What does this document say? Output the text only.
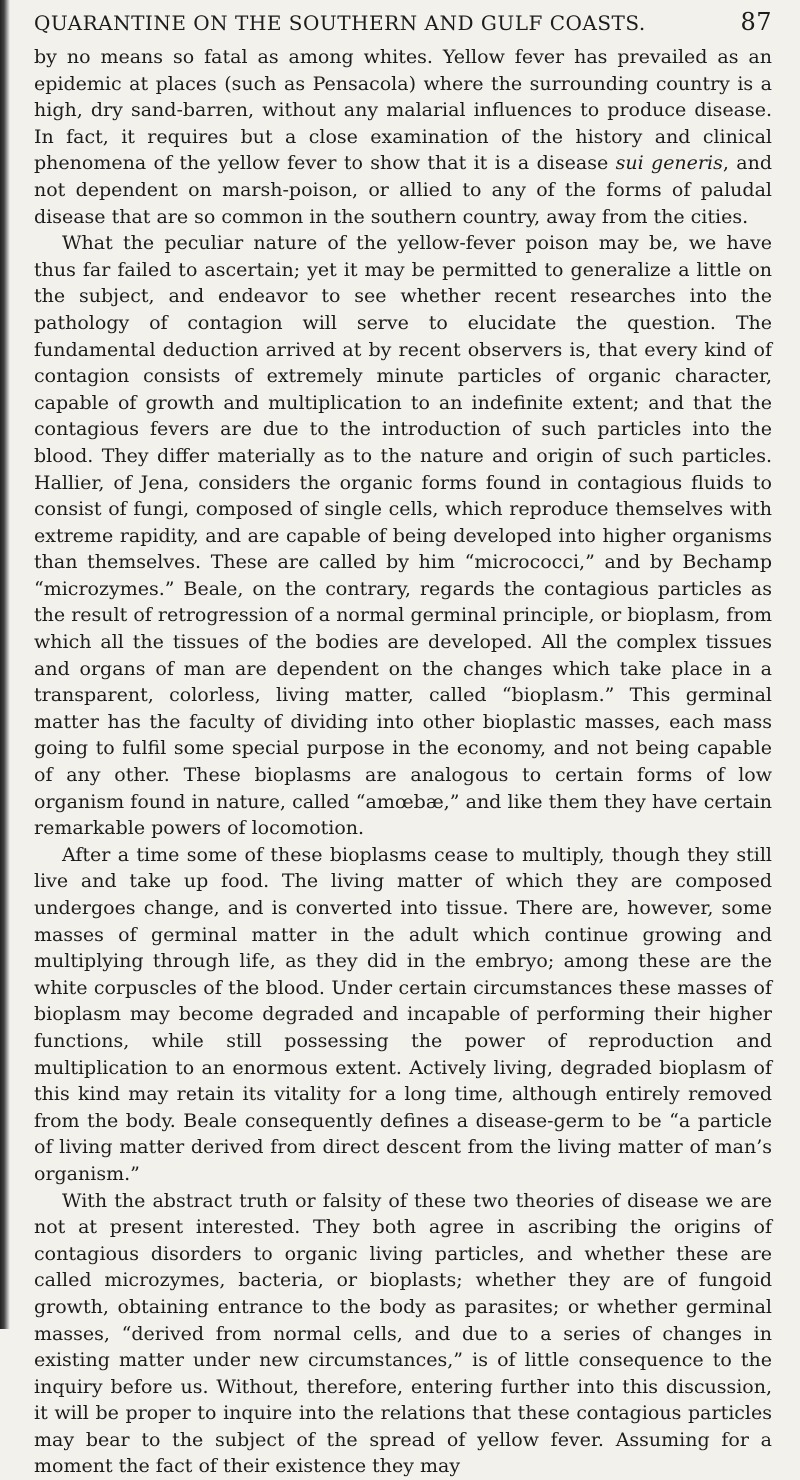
QUARANTINE ON THE SOUTHERN AND GULF COASTS.	87

by no means so fatal as among whites. Yellow fever has prevailed as an epidemic at places (such as Pensacola) where the surrounding country is a high, dry sand-barren, without any malarial influences to produce disease. In fact, it requires but a close examination of the history and clinical phenomena of the yellow fever to show that it is a disease sui generis, and not dependent on marsh-poison, or allied to any of the forms of paludal disease that are so common in the southern country, away from the cities.

What the peculiar nature of the yellow-fever poison may be, we have thus far failed to ascertain; yet it may be permitted to generalize a little on the subject, and endeavor to see whether recent researches into the pathology of contagion will serve to elucidate the question. The fundamental deduction arrived at by recent observers is, that every kind of contagion consists of extremely minute particles of organic character, capable of growth and multiplication to an indefinite extent; and that the contagious fevers are due to the introduction of such particles into the blood. They differ materially as to the nature and origin of such particles. Hallier, of Jena, considers the organic forms found in contagious fluids to consist of fungi, composed of single cells, which reproduce themselves with extreme rapidity, and are capable of being developed into higher organisms than themselves. These are called by him “micrococci,” and by Bechamp “microzymes.” Beale, on the contrary, regards the contagious particles as the result of retrogression of a normal germinal principle, or bioplasm, from which all the tissues of the bodies are developed. All the complex tissues and organs of man are dependent on the changes which take place in a transparent, colorless, living matter, called “bioplasm.” This germinal matter has the faculty of dividing into other bioplastic masses, each mass going to fulfil some special purpose in the economy, and not being capable of any other. These bioplasms are analogous to certain forms of low organism found in nature, called “amœbæ,” and like them they have certain remarkable powers of locomotion.

After a time some of these bioplasms cease to multiply, though they still live and take up food. The living matter of which they are composed undergoes change, and is converted into tissue. There are, however, some masses of germinal matter in the adult which continue growing and multiplying through life, as they did in the embryo; among these are the white corpuscles of the blood. Under certain circumstances these masses of bioplasm may become degraded and incapable of performing their higher functions, while still possessing the power of reproduction and multiplication to an enormous extent. Actively living, degraded bioplasm of this kind may retain its vitality for a long time, although entirely removed from the body. Beale consequently defines a disease-germ to be “a particle of living matter derived from direct descent from the living matter of man’s organism.”

With the abstract truth or falsity of these two theories of disease we are not at present interested. They both agree in ascribing the origins of contagious disorders to organic living particles, and whether these are called microzymes, bacteria, or bioplasts; whether they are of fungoid growth, obtaining entrance to the body as parasites; or whether germinal masses, “derived from normal cells, and due to a series of changes in existing matter under new circumstances,” is of little consequence to the inquiry before us. Without, therefore, entering further into this discussion, it will be proper to inquire into the relations that these contagious particles may bear to the subject of the spread of yellow fever. Assuming for a moment the fact of their existence they may
